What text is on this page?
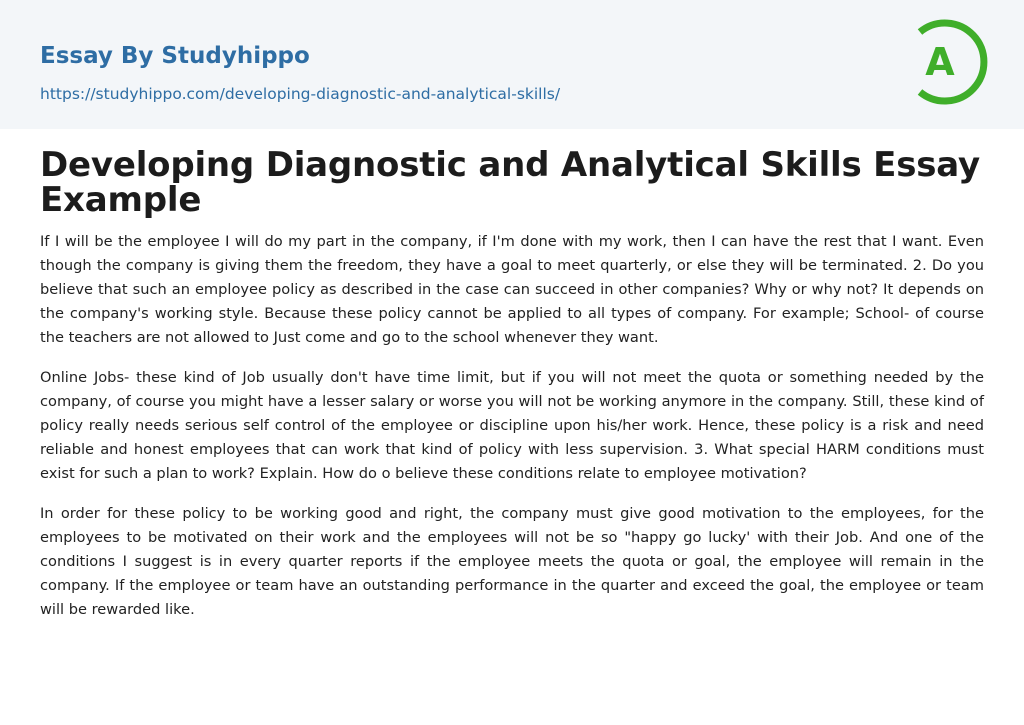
Essay By Studyhippo
https://studyhippo.com/developing-diagnostic-and-analytical-skills/
A
Developing Diagnostic and Analytical Skills Essay Example

If I will be the employee I will do my part in the company, if I'm done with my work, then I can have the rest that I want. Even though the company is giving them the freedom, they have a goal to meet quarterly, or else they will be terminated. 2. Do you believe that such an employee policy as described in the case can succeed in other companies? Why or why not? It depends on the company's working style. Because these policy cannot be applied to all types of company. For example; School- of course the teachers are not allowed to Just come and go to the school whenever they want.

Online Jobs- these kind of Job usually don't have time limit, but if you will not meet the quota or something needed by the company, of course you might have a lesser salary or worse you will not be working anymore in the company. Still, these kind of policy really needs serious self control of the employee or discipline upon his/her work. Hence, these policy is a risk and need reliable and honest employees that can work that kind of policy with less supervision. 3. What special HARM conditions must exist for such a plan to work? Explain. How do o believe these conditions relate to employee motivation?

In order for these policy to be working good and right, the company must give good motivation to the employees, for the employees to be motivated on their work and the employees will not be so "happy go lucky' with their Job. And one of the conditions I suggest is in every quarter reports if the employee meets the quota or goal, the employee will remain in the company. If the employee or team have an outstanding performance in the quarter and exceed the goal, the employee or team will be rewarded like.
